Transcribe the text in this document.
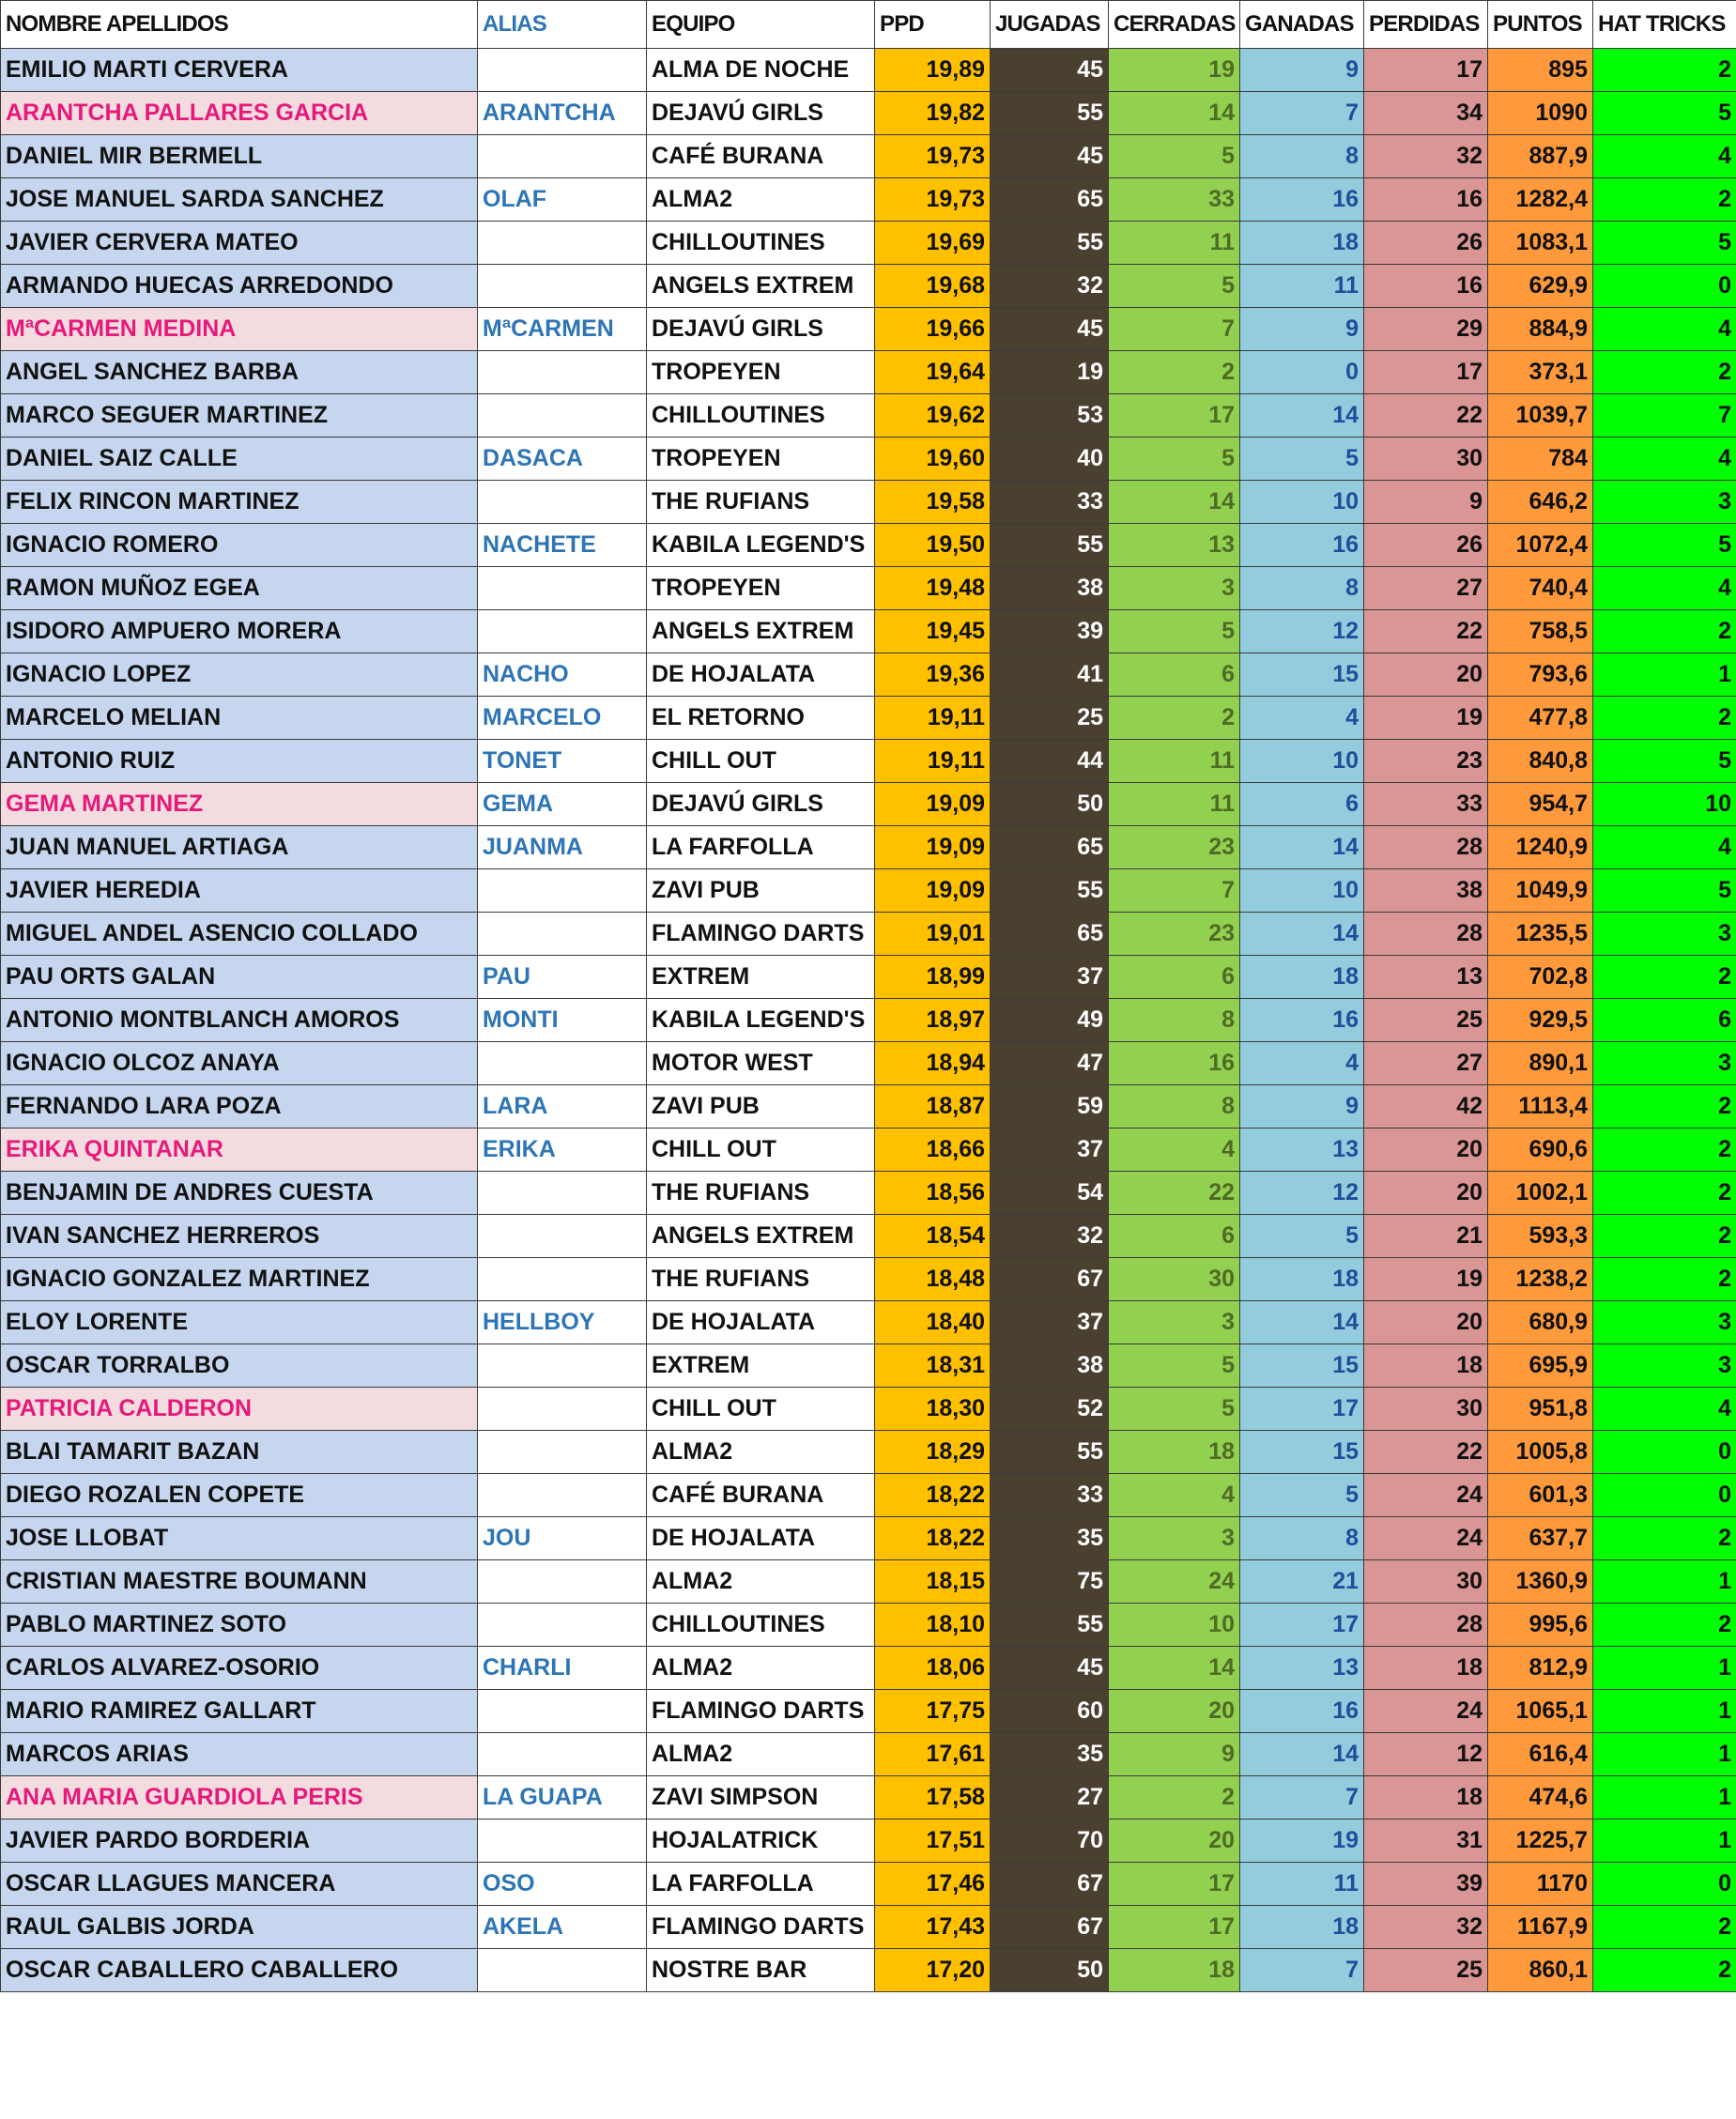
NOMBRE APELLIDOS	ALIAS	EQUIPO	PPD	JUGADAS	CERRADAS	GANADAS	PERDIDAS	PUNTOS	HAT TRICKS
EMILIO MARTI CERVERA		ALMA DE NOCHE	19,89	45	19	9	17	895	2
ARANTCHA PALLARES GARCIA	ARANTCHA	DEJAVÚ GIRLS	19,82	55	14	7	34	1090	5
DANIEL MIR BERMELL		CAFÉ BURANA	19,73	45	5	8	32	887,9	4
JOSE MANUEL SARDA SANCHEZ	OLAF	ALMA2	19,73	65	33	16	16	1282,4	2
JAVIER CERVERA MATEO		CHILLOUTINES	19,69	55	11	18	26	1083,1	5
ARMANDO HUECAS ARREDONDO		ANGELS EXTREM	19,68	32	5	11	16	629,9	0
MªCARMEN MEDINA	MªCARMEN	DEJAVÚ GIRLS	19,66	45	7	9	29	884,9	4
ANGEL SANCHEZ BARBA		TROPEYEN	19,64	19	2	0	17	373,1	2
MARCO SEGUER MARTINEZ		CHILLOUTINES	19,62	53	17	14	22	1039,7	7
DANIEL SAIZ CALLE	DASACA	TROPEYEN	19,60	40	5	5	30	784	4
FELIX RINCON MARTINEZ		THE RUFIANS	19,58	33	14	10	9	646,2	3
IGNACIO ROMERO	NACHETE	KABILA LEGEND'S	19,50	55	13	16	26	1072,4	5
RAMON MUÑOZ EGEA		TROPEYEN	19,48	38	3	8	27	740,4	4
ISIDORO AMPUERO MORERA		ANGELS EXTREM	19,45	39	5	12	22	758,5	2
IGNACIO LOPEZ	NACHO	DE HOJALATA	19,36	41	6	15	20	793,6	1
MARCELO MELIAN	MARCELO	EL RETORNO	19,11	25	2	4	19	477,8	2
ANTONIO RUIZ	TONET	CHILL OUT	19,11	44	11	10	23	840,8	5
GEMA MARTINEZ	GEMA	DEJAVÚ GIRLS	19,09	50	11	6	33	954,7	10
JUAN MANUEL ARTIAGA	JUANMA	LA FARFOLLA	19,09	65	23	14	28	1240,9	4
JAVIER HEREDIA		ZAVI PUB	19,09	55	7	10	38	1049,9	5
MIGUEL ANDEL ASENCIO COLLADO		FLAMINGO DARTS	19,01	65	23	14	28	1235,5	3
PAU ORTS GALAN	PAU	EXTREM	18,99	37	6	18	13	702,8	2
ANTONIO MONTBLANCH AMOROS	MONTI	KABILA LEGEND'S	18,97	49	8	16	25	929,5	6
IGNACIO OLCOZ ANAYA		MOTOR WEST	18,94	47	16	4	27	890,1	3
FERNANDO LARA POZA	LARA	ZAVI PUB	18,87	59	8	9	42	1113,4	2
ERIKA QUINTANAR	ERIKA	CHILL OUT	18,66	37	4	13	20	690,6	2
BENJAMIN DE ANDRES CUESTA		THE RUFIANS	18,56	54	22	12	20	1002,1	2
IVAN SANCHEZ HERREROS		ANGELS EXTREM	18,54	32	6	5	21	593,3	2
IGNACIO GONZALEZ MARTINEZ		THE RUFIANS	18,48	67	30	18	19	1238,2	2
ELOY LORENTE	HELLBOY	DE HOJALATA	18,40	37	3	14	20	680,9	3
OSCAR TORRALBO		EXTREM	18,31	38	5	15	18	695,9	3
PATRICIA CALDERON		CHILL OUT	18,30	52	5	17	30	951,8	4
BLAI TAMARIT BAZAN		ALMA2	18,29	55	18	15	22	1005,8	0
DIEGO ROZALEN COPETE		CAFÉ BURANA	18,22	33	4	5	24	601,3	0
JOSE LLOBAT	JOU	DE HOJALATA	18,22	35	3	8	24	637,7	2
CRISTIAN MAESTRE BOUMANN		ALMA2	18,15	75	24	21	30	1360,9	1
PABLO MARTINEZ SOTO		CHILLOUTINES	18,10	55	10	17	28	995,6	2
CARLOS ALVAREZ-OSORIO	CHARLI	ALMA2	18,06	45	14	13	18	812,9	1
MARIO RAMIREZ GALLART		FLAMINGO DARTS	17,75	60	20	16	24	1065,1	1
MARCOS ARIAS		ALMA2	17,61	35	9	14	12	616,4	1
ANA MARIA GUARDIOLA PERIS	LA GUAPA	ZAVI SIMPSON	17,58	27	2	7	18	474,6	1
JAVIER PARDO BORDERIA		HOJALATRICK	17,51	70	20	19	31	1225,7	1
OSCAR LLAGUES MANCERA	OSO	LA FARFOLLA	17,46	67	17	11	39	1170	0
RAUL GALBIS JORDA	AKELA	FLAMINGO DARTS	17,43	67	17	18	32	1167,9	2
OSCAR CABALLERO CABALLERO		NOSTRE BAR	17,20	50	18	7	25	860,1	2
